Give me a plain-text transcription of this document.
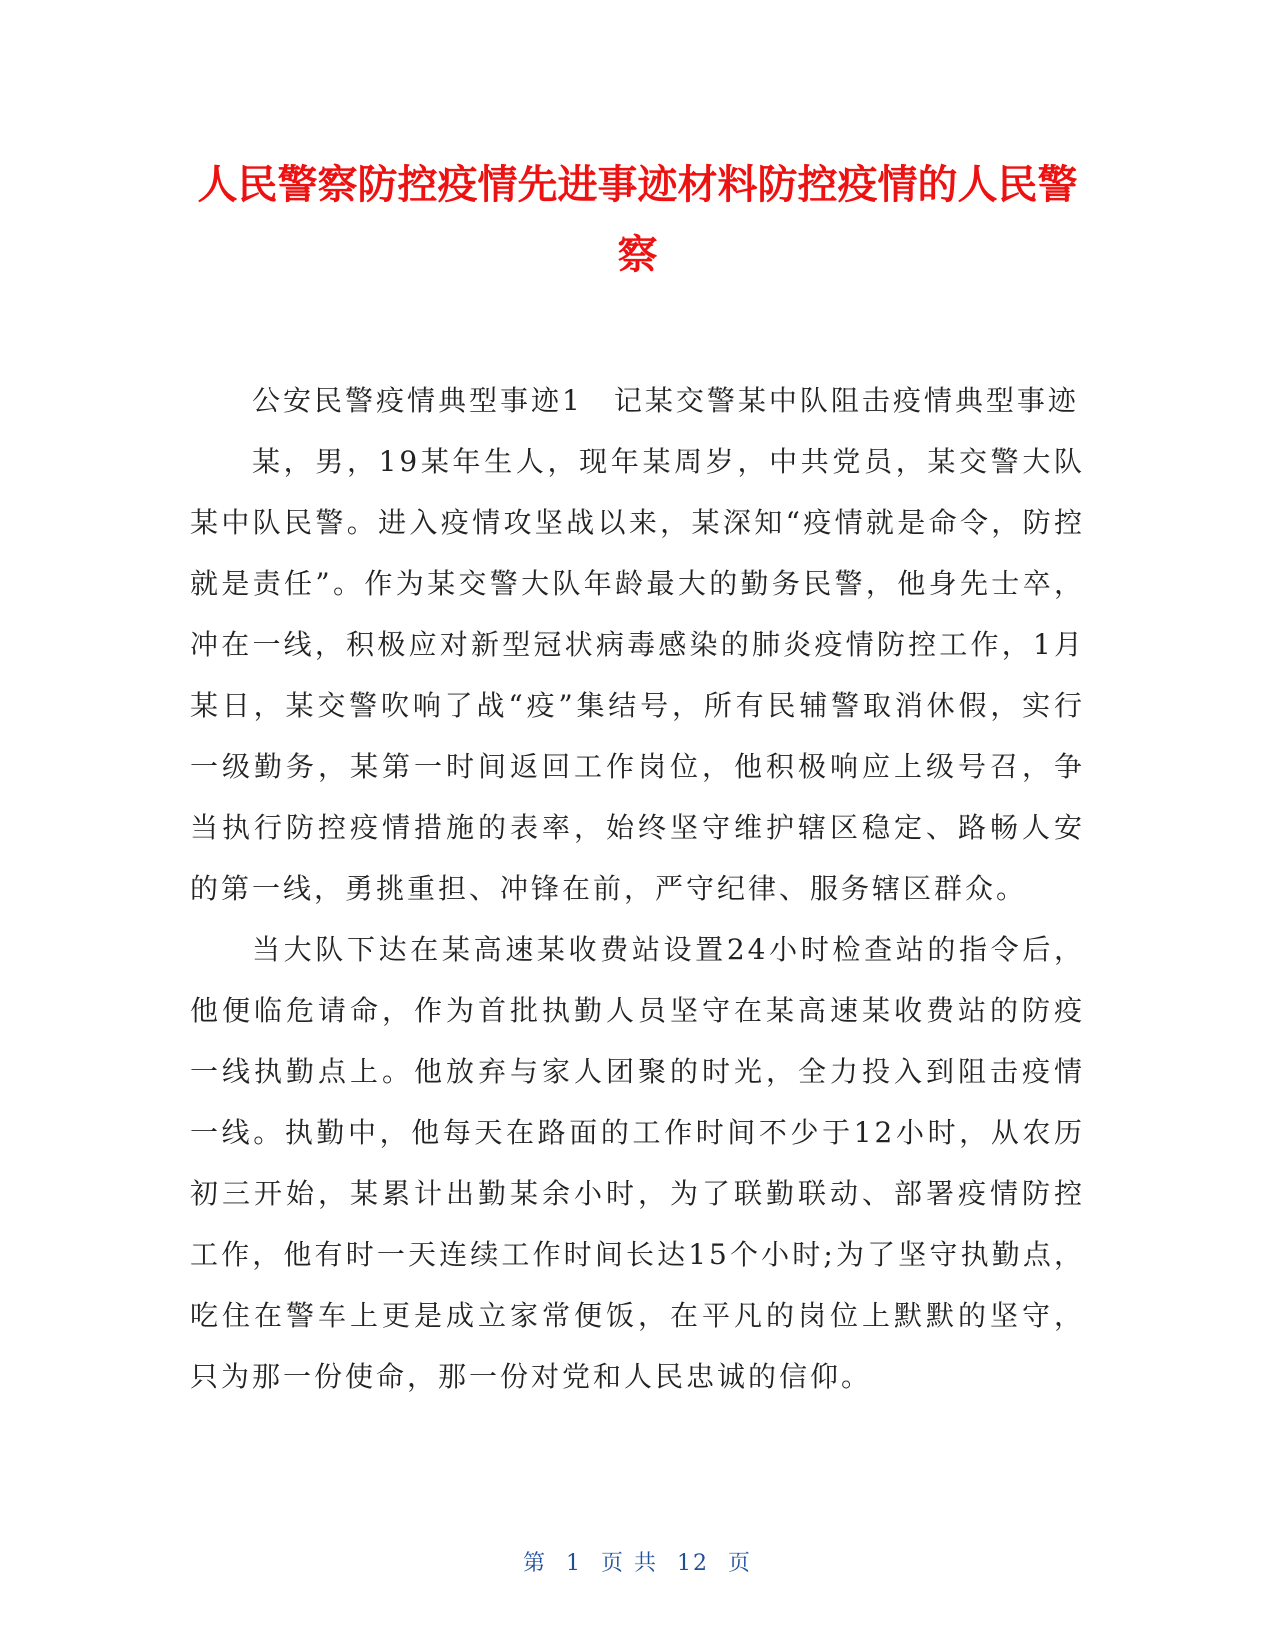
人民警察防控疫情先进事迹材料防控疫情的人民警察

公安民警疫情典型事迹1　记某交警某中队阻击疫情典型事迹

某，男，19某年生人，现年某周岁，中共党员，某交警大队某中队民警。进入疫情攻坚战以来，某深知“疫情就是命令，防控就是责任”。作为某交警大队年龄最大的勤务民警，他身先士卒，冲在一线，积极应对新型冠状病毒感染的肺炎疫情防控工作，1月某日，某交警吹响了战“疫”集结号，所有民辅警取消休假，实行一级勤务，某第一时间返回工作岗位，他积极响应上级号召，争当执行防控疫情措施的表率，始终坚守维护辖区稳定、路畅人安的第一线，勇挑重担、冲锋在前，严守纪律、服务辖区群众。

当大队下达在某高速某收费站设置24小时检查站的指令后，他便临危请命，作为首批执勤人员坚守在某高速某收费站的防疫一线执勤点上。他放弃与家人团聚的时光，全力投入到阻击疫情一线。执勤中，他每天在路面的工作时间不少于12小时，从农历初三开始，某累计出勤某余小时，为了联勤联动、部署疫情防控工作，他有时一天连续工作时间长达15个小时;为了坚守执勤点，吃住在警车上更是成立家常便饭，在平凡的岗位上默默的坚守，只为那一份使命，那一份对党和人民忠诚的信仰。

第 1 页 共 12 页
